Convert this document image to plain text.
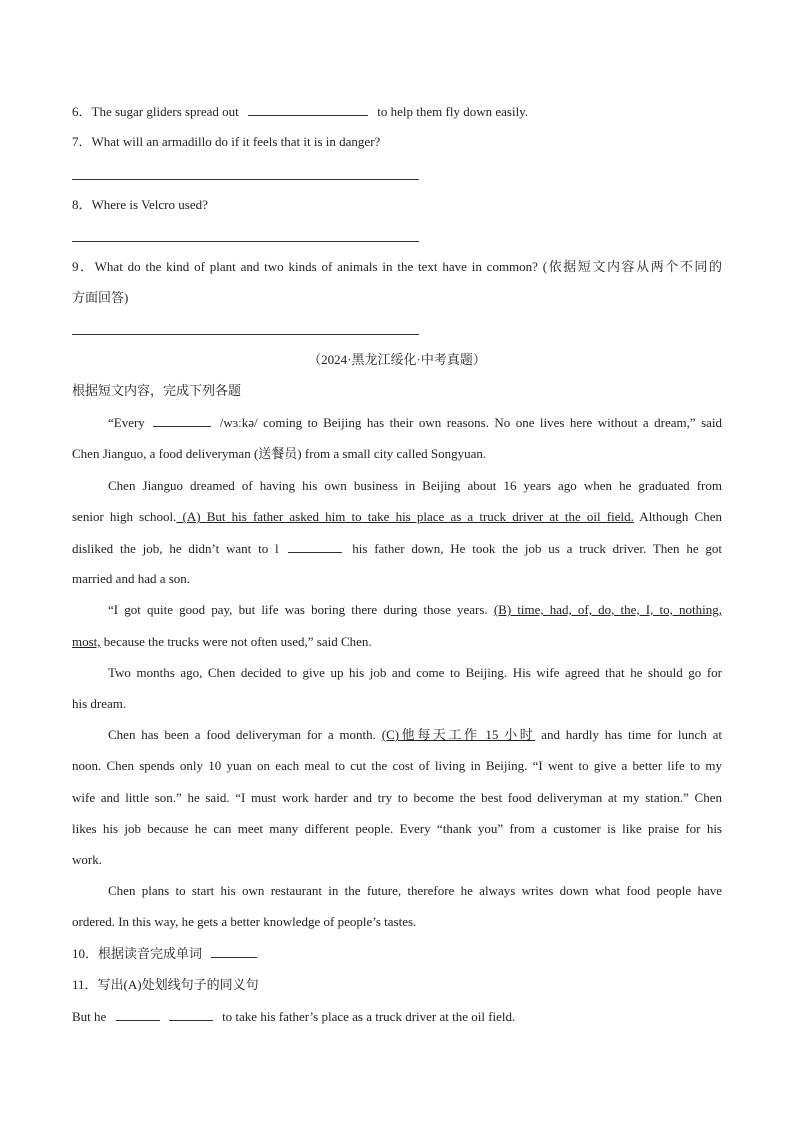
6．The sugar gliders spread out	to help them fly down easily.
7．What will an armadillo do if it feels that it is in danger?
8．Where is Velcro used?
9．What do the kind of plant and two kinds of animals in the text have in common? (依据短文内容从两个不同的
方面回答)
（2024·黑龙江绥化·中考真题）
根据短文内容，完成下列各题
“Every	/wɜːkə/ coming to Beijing has their own reasons. No one lives here without a dream,” said
Chen Jianguo, a food deliveryman (送餐员) from a small city called Songyuan.
Chen Jianguo dreamed of having his own business in Beijing about 16 years ago when he graduated from
senior high school. (A) But his father asked him to take his place as a truck driver at the oil field. Although Chen
disliked the job, he didn’t want to l	his father down, He took the job us a truck driver. Then he got
married and had a son.
“I got quite good pay, but life was boring there during those years. (B) time, had, of, do, the, I, to, nothing,
most, because the trucks were not often used,” said Chen.
Two months ago, Chen decided to give up his job and come to Beijing. His wife agreed that he should go for
his dream.
Chen has been a food deliveryman for a month. (C)他每天工作 15 小时 and hardly has time for lunch at
noon. Chen spends only 10 yuan on each meal to cut the cost of living in Beijing. “I went to give a better life to my
wife and little son.” he said. “I must work harder and try to become the best food deliveryman at my station.” Chen
likes his job because he can meet many different people. Every “thank you” from a customer is like praise for his
work.
Chen plans to start his own restaurant in the future, therefore he always writes down what food people have
ordered. In this way, he gets a better knowledge of people’s tastes.
10．根据读音完成单词
11．写出(A)处划线句子的同义句
But he	to take his father’s place as a truck driver at the oil field.
